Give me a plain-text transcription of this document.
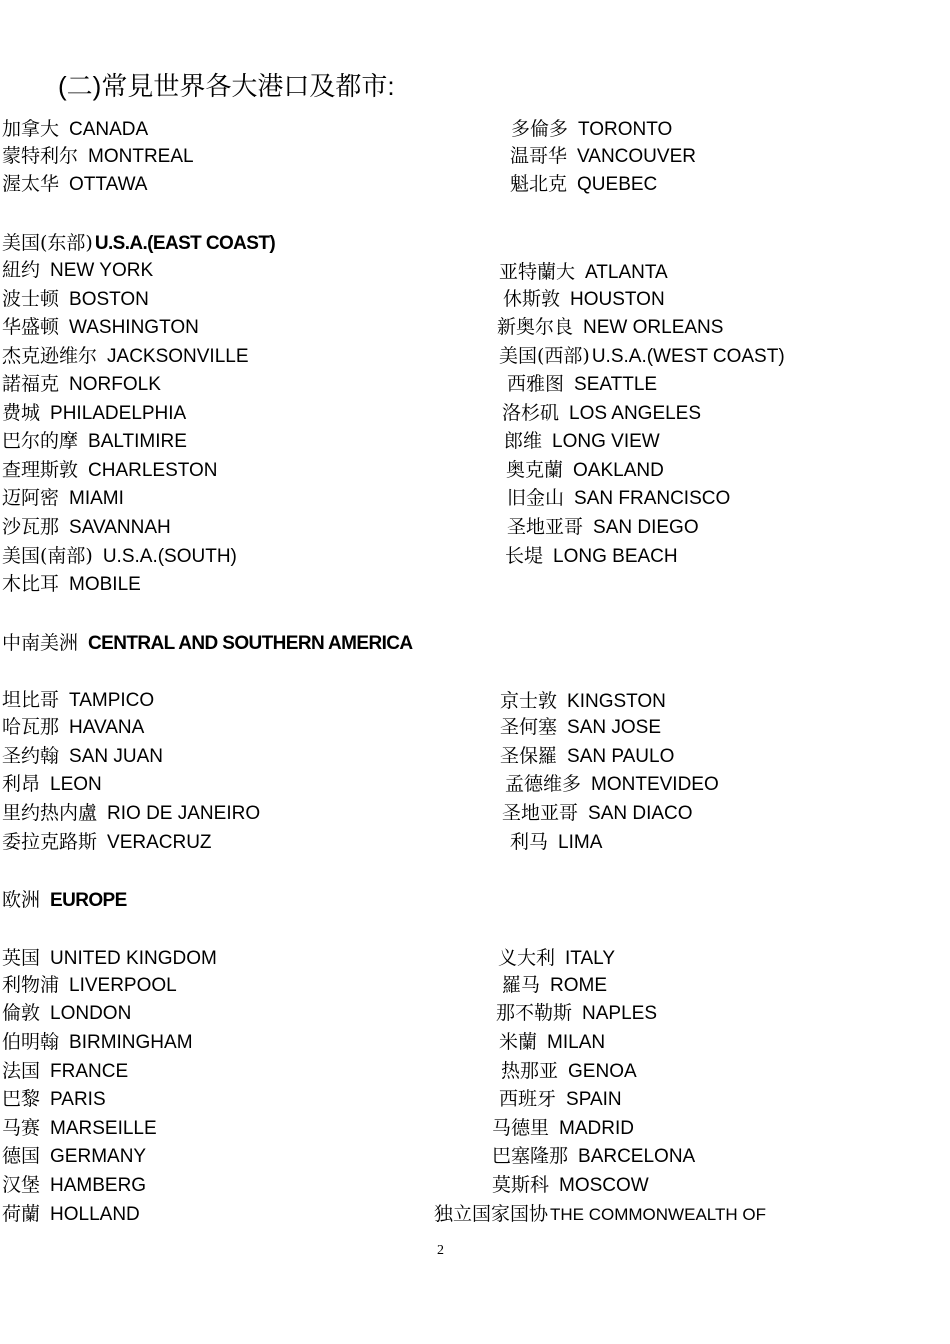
(二)常見世界各大港口及都市:
加拿大 CANADA
蒙特利尔 MONTREAL
渥太华 OTTAWA
多倫多 TORONTO
温哥华 VANCOUVER
魁北克 QUEBEC
美国(东部) U.S.A.(EAST COAST)
紐约 NEW YORK
波士顿 BOSTON
华盛顿 WASHINGTON
杰克逊维尔 JACKSONVILLE
諾福克 NORFOLK
费城 PHILADELPHIA
巴尔的摩 BALTIMIRE
查理斯敦 CHARLESTON
迈阿密 MIAMI
沙瓦那 SAVANNAH
美国(南部) U.S.A.(SOUTH)
木比耳 MOBILE
亚特蘭大 ATLANTA
休斯敦 HOUSTON
新奥尔良 NEW ORLEANS
美国(西部) U.S.A.(WEST COAST)
西雅图 SEATTLE
洛杉矶 LOS ANGELES
郎维 LONG VIEW
奥克蘭 OAKLAND
旧金山 SAN FRANCISCO
圣地亚哥 SAN DIEGO
长堤 LONG BEACH
中南美洲 CENTRAL AND SOUTHERN AMERICA
坦比哥 TAMPICO
哈瓦那 HAVANA
圣约翰 SAN JUAN
利昂 LEON
里约热内盧 RIO DE JANEIRO
委拉克路斯 VERACRUZ
京士敦 KINGSTON
圣何塞 SAN JOSE
圣保羅 SAN PAULO
孟德维多 MONTEVIDEO
圣地亚哥 SAN DIACO
利马 LIMA
欧洲 EUROPE
英国 UNITED KINGDOM
利物浦 LIVERPOOL
倫敦 LONDON
伯明翰 BIRMINGHAM
法国 FRANCE
巴黎 PARIS
马赛 MARSEILLE
德国 GERMANY
汉堡 HAMBERG
荷蘭 HOLLAND
义大利 ITALY
羅马 ROME
那不勒斯 NAPLES
米蘭 MILAN
热那亚 GENOA
西班牙 SPAIN
马德里 MADRID
巴塞隆那 BARCELONA
莫斯科 MOSCOW
独立国家国协 THE COMMONWEALTH OF
2
